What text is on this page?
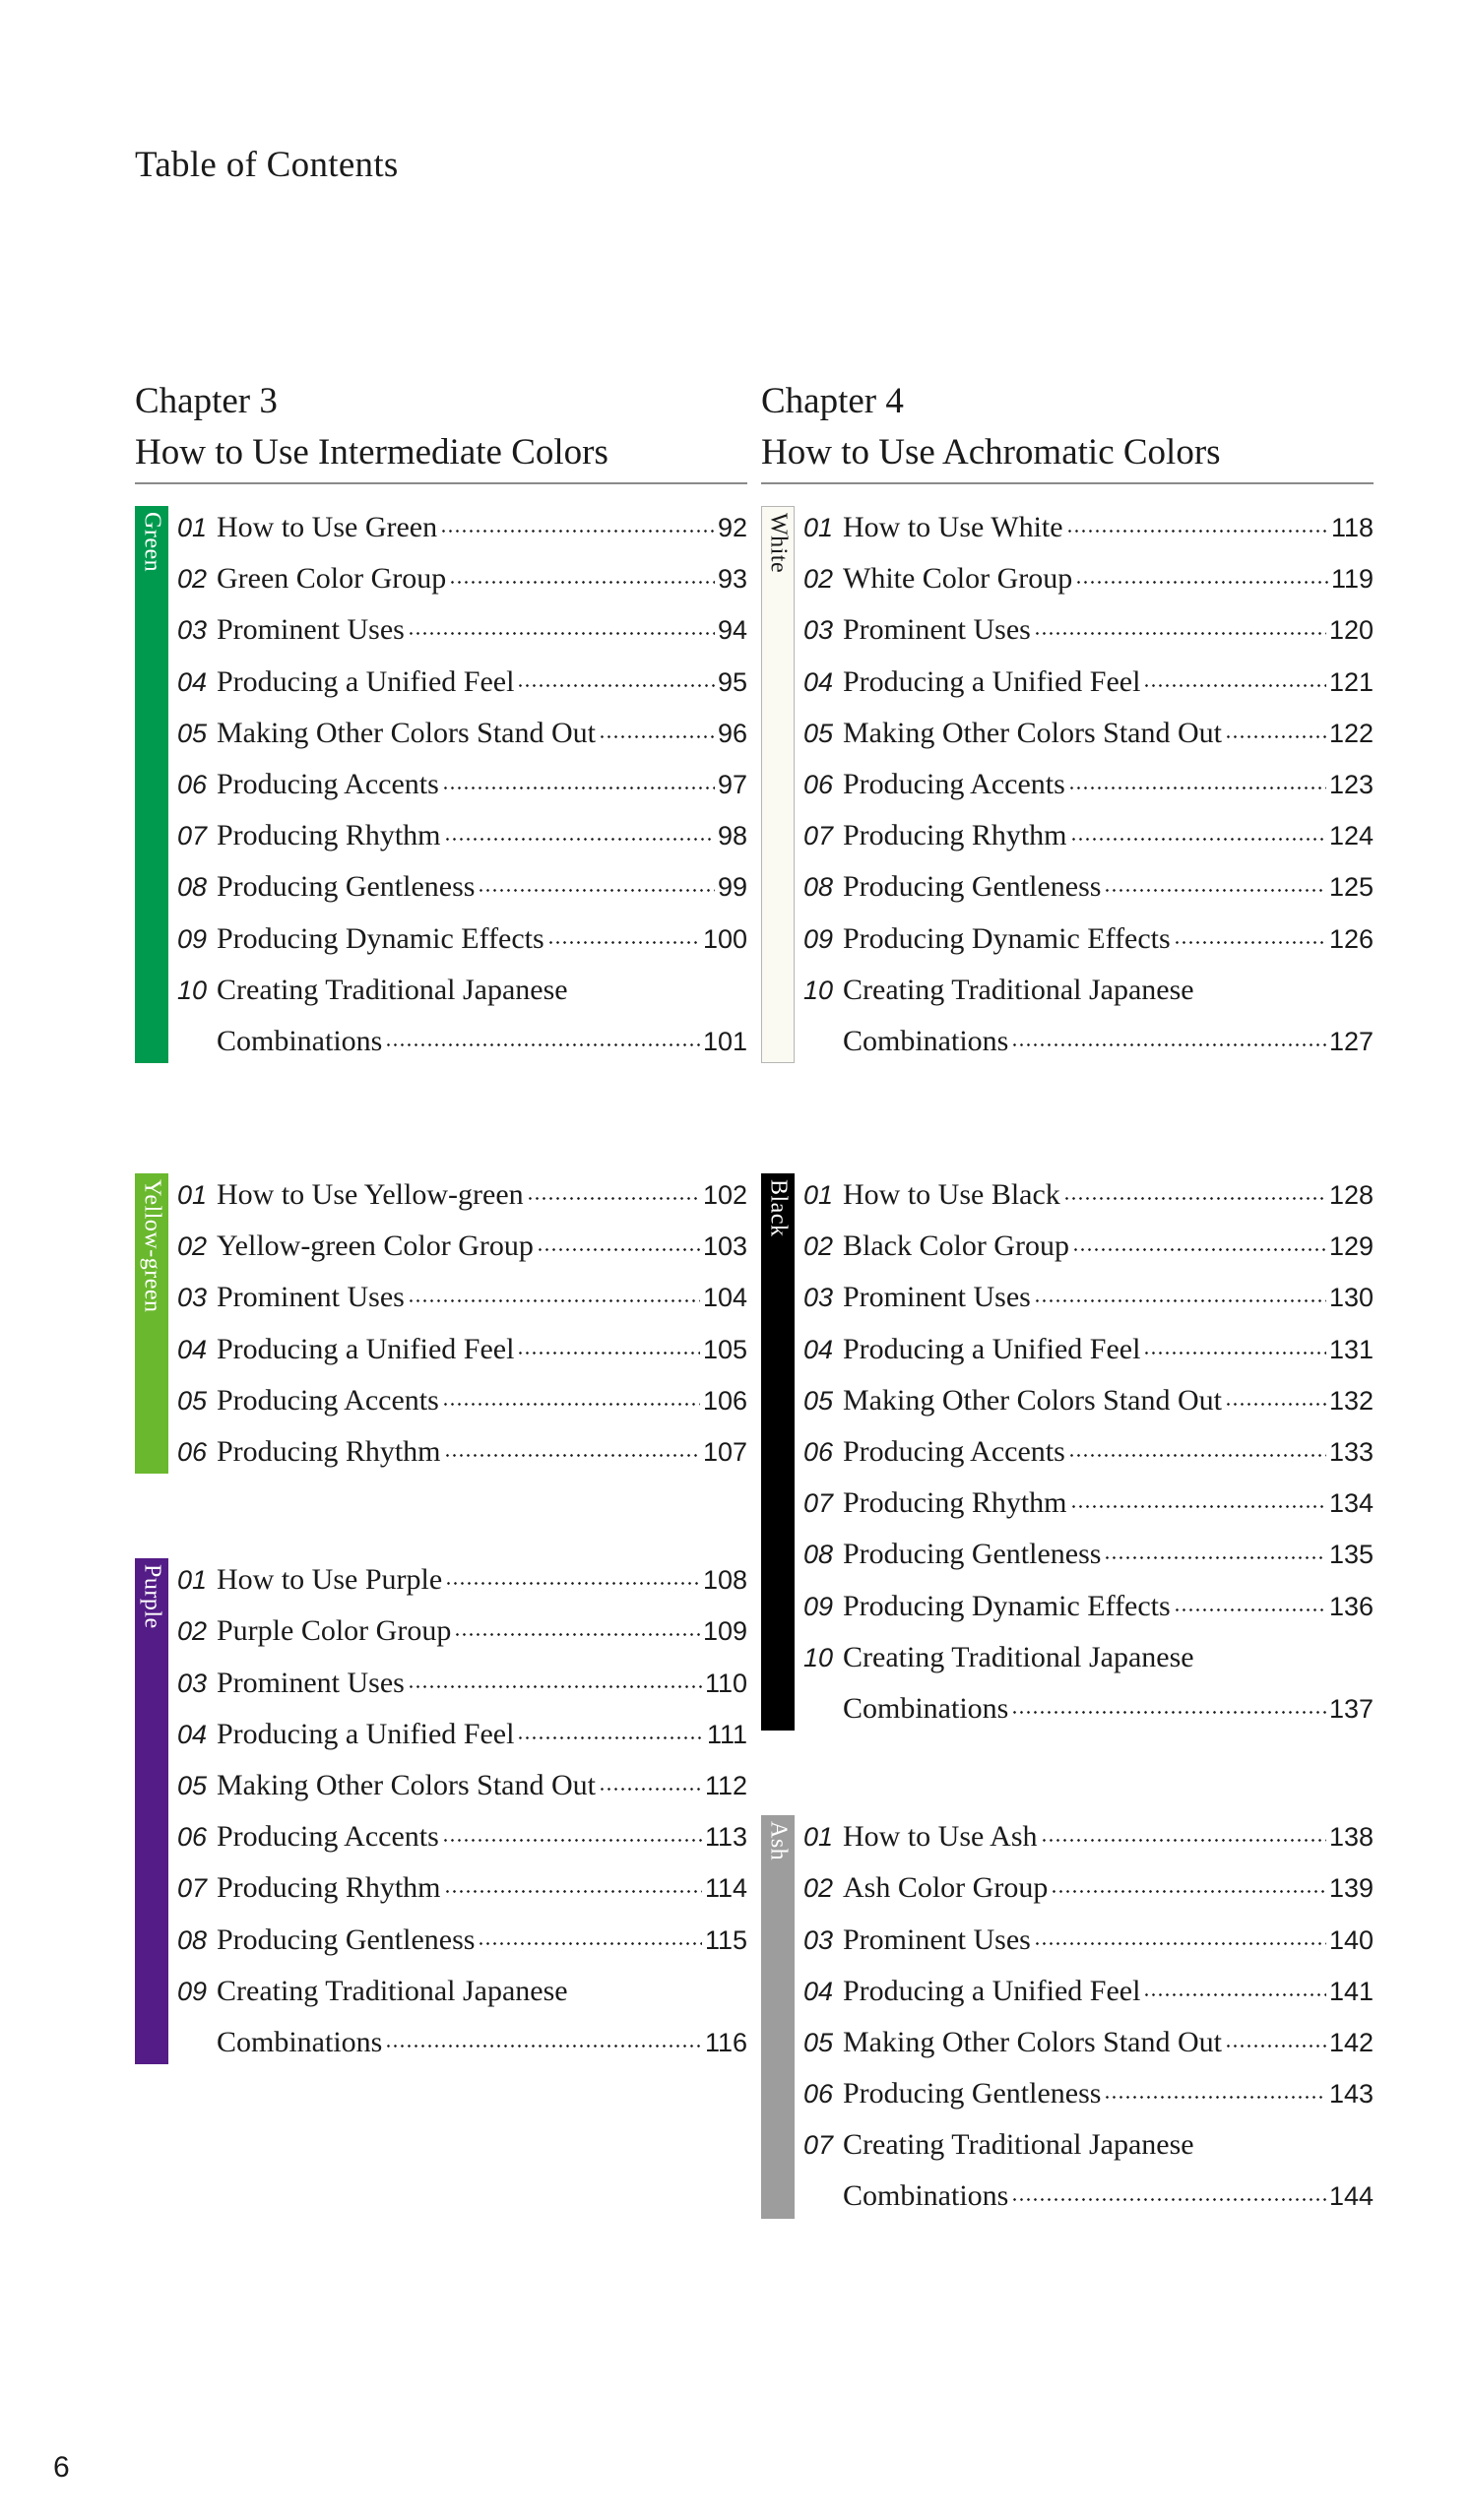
Table of Contents
Chapter 3
How to Use Intermediate Colors
Green 01 How to Use Green	92
02 Green Color Group	93
03 Prominent Uses	94
04 Producing a Unified Feel	95
05 Making Other Colors Stand Out	96
06 Producing Accents	97
07 Producing Rhythm	98
08 Producing Gentleness	99
09 Producing Dynamic Effects	100
10 Creating Traditional Japanese
Combinations	101
Yellow-green 01 How to Use Yellow-green	102
02 Yellow-green Color Group	103
03 Prominent Uses	104
04 Producing a Unified Feel	105
05 Producing Accents	106
06 Producing Rhythm	107
Purple 01 How to Use Purple	108
02 Purple Color Group	109
03 Prominent Uses	110
04 Producing a Unified Feel	111
05 Making Other Colors Stand Out	112
06 Producing Accents	113
07 Producing Rhythm	114
08 Producing Gentleness	115
09 Creating Traditional Japanese
Combinations	116
Chapter 4
How to Use Achromatic Colors
White 01 How to Use White	118
02 White Color Group	119
03 Prominent Uses	120
04 Producing a Unified Feel	121
05 Making Other Colors Stand Out	122
06 Producing Accents	123
07 Producing Rhythm	124
08 Producing Gentleness	125
09 Producing Dynamic Effects	126
10 Creating Traditional Japanese
Combinations	127
Black 01 How to Use Black	128
02 Black Color Group	129
03 Prominent Uses	130
04 Producing a Unified Feel	131
05 Making Other Colors Stand Out	132
06 Producing Accents	133
07 Producing Rhythm	134
08 Producing Gentleness	135
09 Producing Dynamic Effects	136
10 Creating Traditional Japanese
Combinations	137
Ash 01 How to Use Ash	138
02 Ash Color Group	139
03 Prominent Uses	140
04 Producing a Unified Feel	141
05 Making Other Colors Stand Out	142
06 Producing Gentleness	143
07 Creating Traditional Japanese
Combinations	144
6
